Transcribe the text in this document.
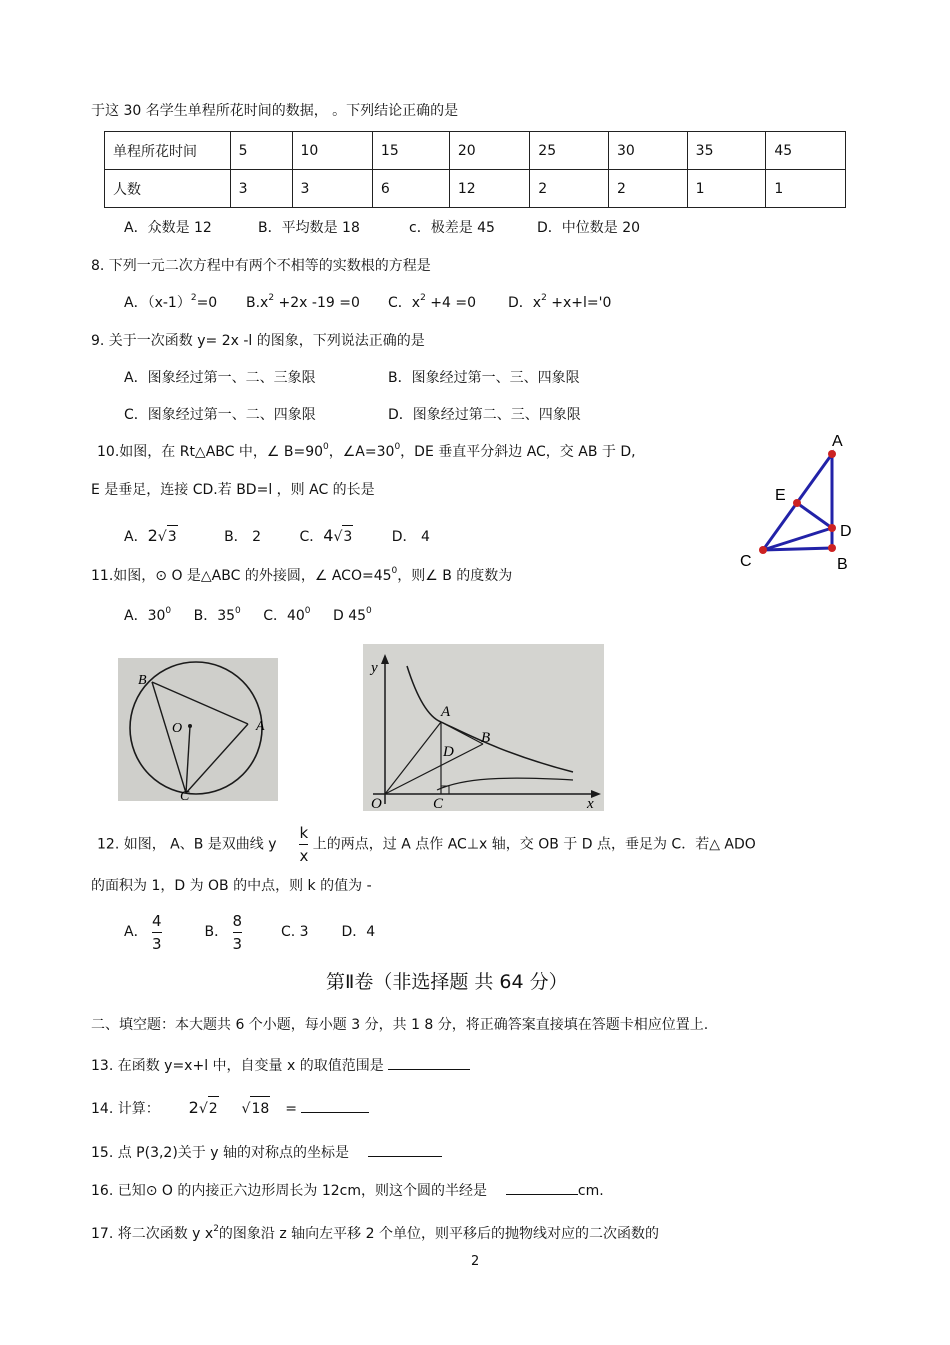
于这 30 名学生单程所花时间的数据， 。下列结论正确的是
单程所花时间	5	10	15	20	25	30	35	45
人数	3	3	6	12	2	2	1	1
A．众数是 12	B．平均数是 18	c．极差是 45	D．中位数是 20
8. 下列一元二次方程中有两个不相等的实数根的方程是
A．$(x-1)^2=0$ $B.x^2 +2x$ -19 =0 C．$x^2 +4 =0$ D．$x^2 +x+l='0$
9. 关于一次函数 y= 2x -l 的图象，下列说法正确的是
A．图象经过第一、二、三象限	B．图象经过第一、三、四象限
C．图象经过第一、二、四象限	D．图象经过第二、三、四象限
10.如图，在 Rt△ABC 中，∠ $B=90^0$，$\angle A=30^0$，DE 垂直平分斜边 AC，交 AB 于 D,
E 是垂足，连接 CD.若 BD=l ，则 AC 的长是
A．2√3	B． 2	C．4√3	D． 4
A
E
D
C	B
11.如图，⊙ O 是△ABC 的外接圆，∠ $ACO=45^0$，则∠ B 的度数为
A．$30^0$ B．$35^0$ C．$40^0$ D $45^0$
B
O	A
C
y
A
B
D
O	C	x
12. 如图， A、B 是双曲线 y $\frac{k}{x}$ 上的两点，过 A 点作 AC⊥x 轴，交 OB 于 D 点，垂足为 C．若△ ADO
的面积为 1，D 为 OB 的中点，则 k 的值为 -
A． $\frac{4}{3}$	B． $\frac{8}{3}$	C. 3 D．4
第Ⅱ卷（非选择题 共 64 分）
二、填空题：本大题共 6 个小题，每小题 3 分，共 1 8 分，将正确答案直接填在答题卡相应位置上.
13. 在函数 y=x+l 中，自变量 x 的取值范围是
14. 计算： 2√2  √18 =
15. 点 P(3,2)关于 y 轴的对称点的坐标是
16. 已知⊙ O 的内接正六边形周长为 12cm，则这个圆的半经是	cm.
17. 将二次函数 y $x^2$的图象沿 z 轴向左平移 2 个单位，则平移后的抛物线对应的二次函数的
2
